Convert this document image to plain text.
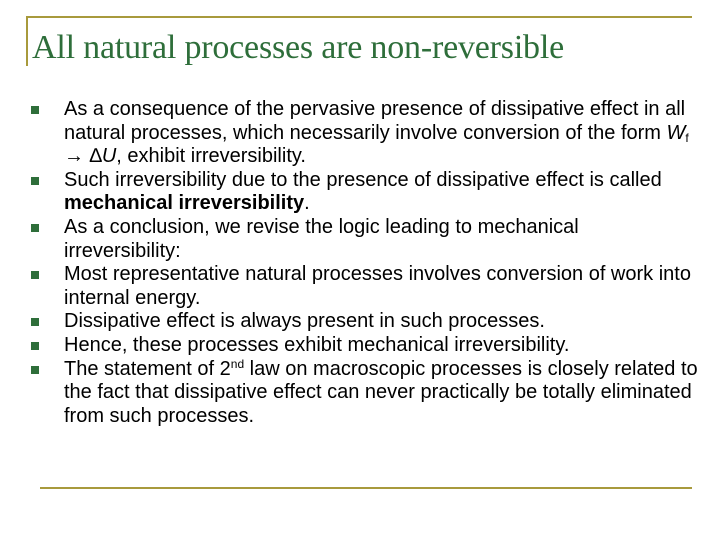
All natural processes are non-reversible
As a consequence of the pervasive presence of dissipative effect in all natural processes, which necessarily involve conversion of the form $W_f \to \Delta U$, exhibit irreversibility.
Such irreversibility due to the presence of dissipative effect is called mechanical irreversibility.
As a conclusion, we revise the logic leading to mechanical irreversibility:
Most representative natural processes involves conversion of work into internal energy.
Dissipative effect is always present in such processes.
Hence, these processes exhibit mechanical irreversibility.
The statement of 2nd law on macroscopic processes is closely related to the fact that dissipative effect can never practically be totally eliminated from such processes.
